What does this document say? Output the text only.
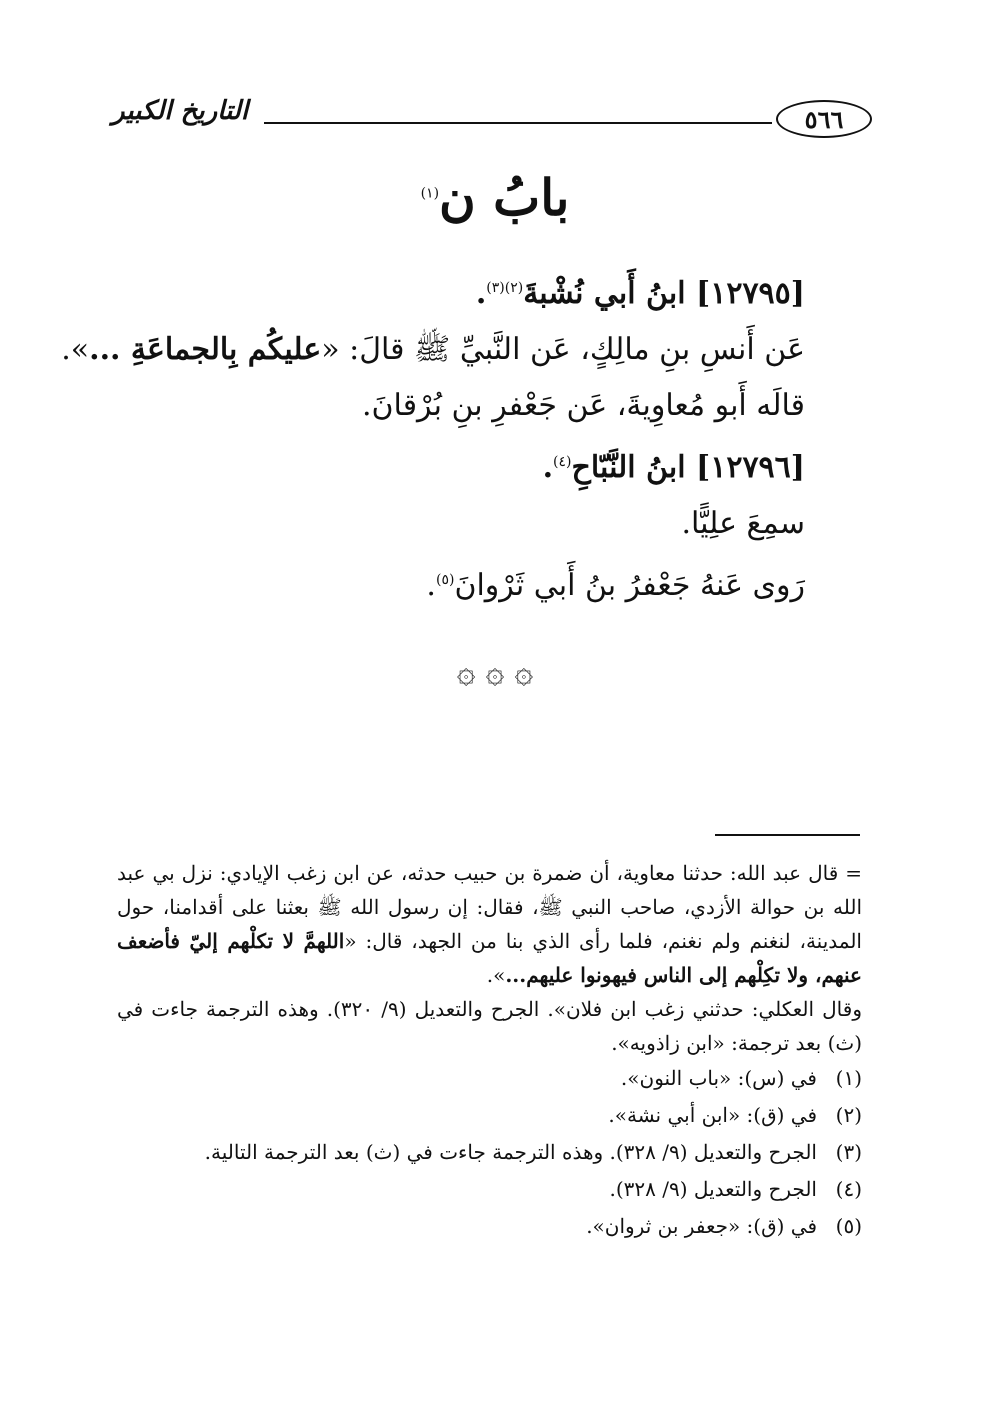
٥٦٦
التاريخ الكبير
بابُ ن$^{(١)}$
[١٢٧٩٥] ابنُ أَبي نُشْبةَ$^{(٢)(٣)}$.
عَن أَنسِ بنِ مالِكٍ، عَن النَّبيِّ ﷺ قالَ: «عليكُم بِالجماعَةِ ...».
قالَه أَبو مُعاوِيةَ، عَن جَعْفرِ بنِ بُرْقانَ.
[١٢٧٩٦] ابنُ النَّبّاحِ$^{(٤)}$.
سمِعَ علِيًّا.
رَوى عَنهُ جَعْفرُ بنُ أَبي ثَرْوانَ$^{(٥)}$.
۞ ۞ ۞
= قال عبد الله: حدثنا معاوية، أن ضمرة بن حبيب حدثه، عن ابن زغب الإيادي: نزل بي عبد الله بن حوالة الأزدي، صاحب النبي ﷺ، فقال: إن رسول الله ﷺ بعثنا على أقدامنا، حول المدينة، لنغنم ولم نغنم، فلما رأى الذي بنا من الجهد، قال: «اللهمَّ لا تكلْهم إليّ فأضعف عنهم، ولا تكِلْهم إلى الناس فيهونوا عليهم...».
وقال العكلي: حدثني زغب ابن فلان». الجرح والتعديل (٩/ ٣٢٠). وهذه الترجمة جاءت في (ث) بعد ترجمة: «ابن زاذويه».
(١)
في (س): «باب النون».
(٢)
في (ق): «ابن أبي نشة».
(٣)
الجرح والتعديل (٩/ ٣٢٨). وهذه الترجمة جاءت في (ث) بعد الترجمة التالية.
(٤)
الجرح والتعديل (٩/ ٣٢٨).
(٥)
في (ق): «جعفر بن ثروان».
